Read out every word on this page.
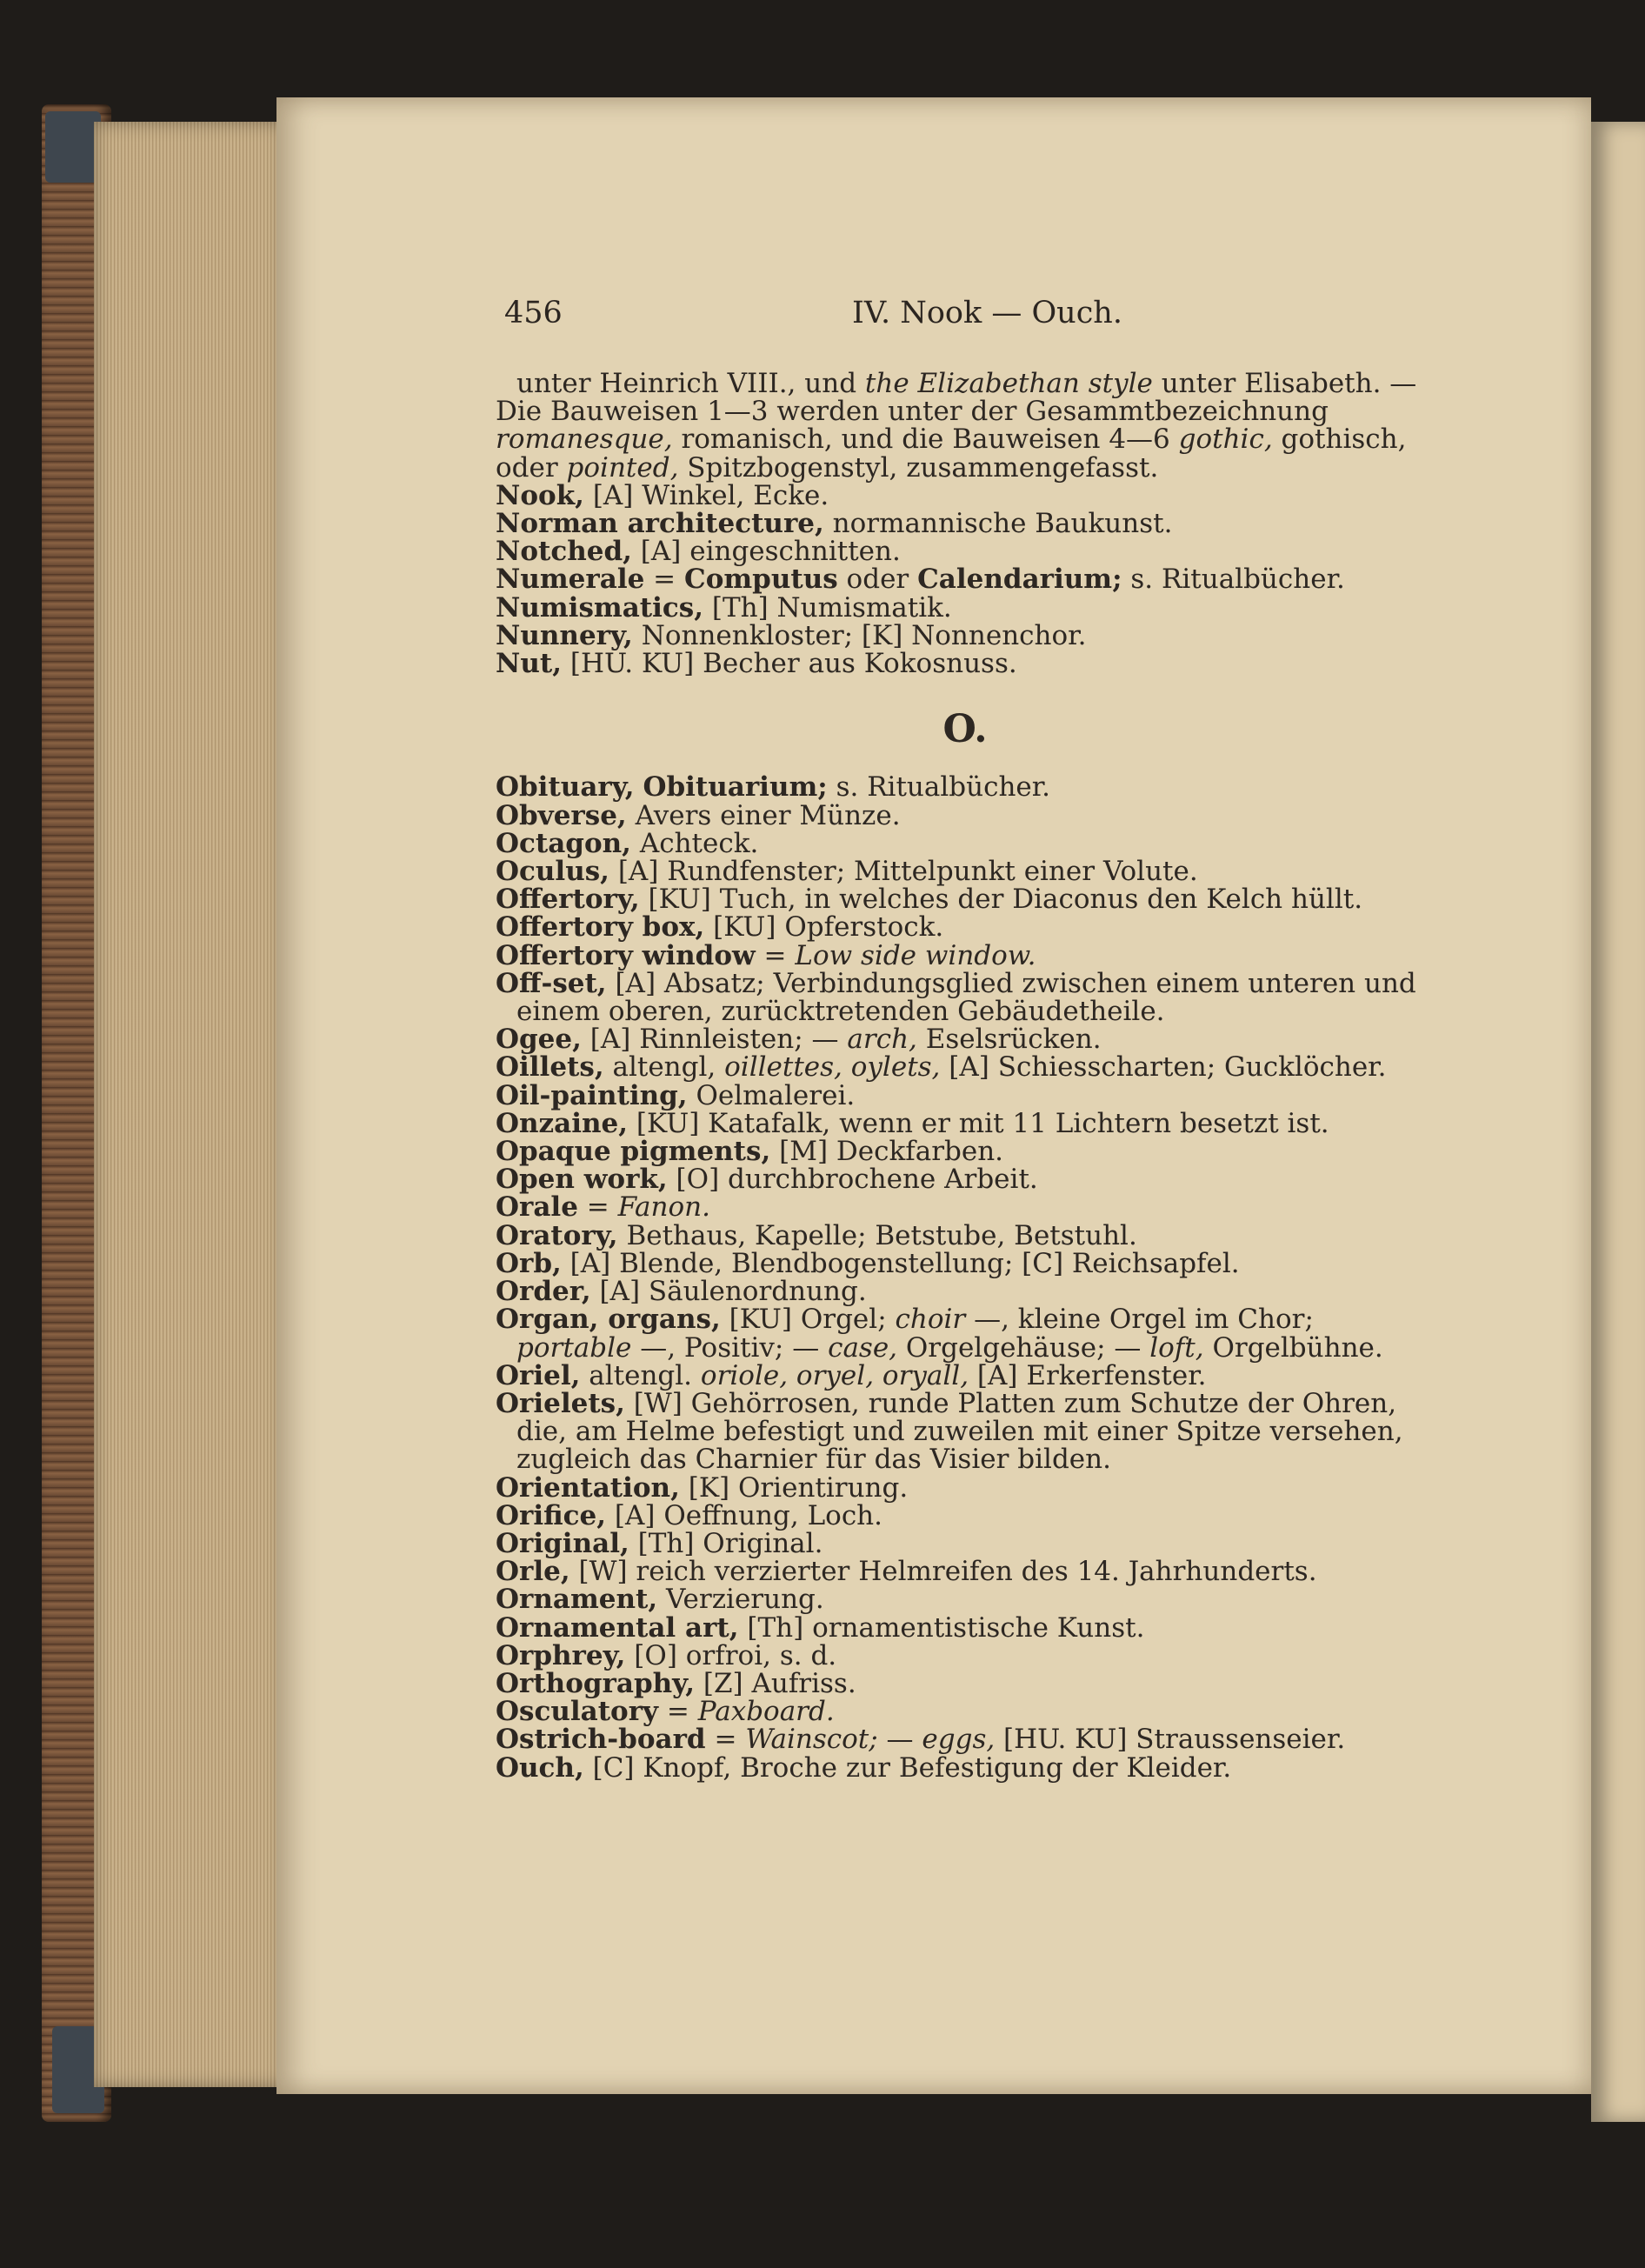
456	IV. Nook — Ouch.
unter Heinrich VIII., und the Elizabethan style unter Elisabeth. — Die Bauweisen 1—3 werden unter der Gesammtbezeichnung romanesque, romanisch, und die Bauweisen 4—6 gothic, gothisch, oder pointed, Spitzbogenstyl, zusammengefasst.
Nook, [A] Winkel, Ecke.
Norman architecture, normannische Baukunst.
Notched, [A] eingeschnitten.
Numerale = Computus oder Calendarium; s. Ritualbücher.
Numismatics, [Th] Numismatik.
Nunnery, Nonnenkloster; [K] Nonnenchor.
Nut, [HU. KU] Becher aus Kokosnuss.
O.
Obituary, Obituarium; s. Ritualbücher.
Obverse, Avers einer Münze.
Octagon, Achteck.
Oculus, [A] Rundfenster; Mittelpunkt einer Volute.
Offertory, [KU] Tuch, in welches der Diaconus den Kelch hüllt.
Offertory box, [KU] Opferstock.
Offertory window = Low side window.
Off-set, [A] Absatz; Verbindungsglied zwischen einem unteren und einem oberen, zurücktretenden Gebäudetheile.
Ogee, [A] Rinnleisten; — arch, Eselsrücken.
Oillets, altengl, oillettes, oylets, [A] Schiesscharten; Gucklöcher.
Oil-painting, Oelmalerei.
Onzaine, [KU] Katafalk, wenn er mit 11 Lichtern besetzt ist.
Opaque pigments, [M] Deckfarben.
Open work, [O] durchbrochene Arbeit.
Orale = Fanon.
Oratory, Bethaus, Kapelle; Betstube, Betstuhl.
Orb, [A] Blende, Blendbogenstellung; [C] Reichsapfel.
Order, [A] Säulenordnung.
Organ, organs, [KU] Orgel; choir —, kleine Orgel im Chor; portable —, Positiv; — case, Orgelgehäuse; — loft, Orgelbühne.
Oriel, altengl. oriole, oryel, oryall, [A] Erkerfenster.
Orielets, [W] Gehörrosen, runde Platten zum Schutze der Ohren, die, am Helme befestigt und zuweilen mit einer Spitze versehen, zugleich das Charnier für das Visier bilden.
Orientation, [K] Orientirung.
Orifice, [A] Oeffnung, Loch.
Original, [Th] Original.
Orle, [W] reich verzierter Helmreifen des 14. Jahrhunderts.
Ornament, Verzierung.
Ornamental art, [Th] ornamentistische Kunst.
Orphrey, [O] orfroi, s. d.
Orthography, [Z] Aufriss.
Osculatory = Paxboard.
Ostrich-board = Wainscot; — eggs, [HU. KU] Straussenseier.
Ouch, [C] Knopf, Broche zur Befestigung der Kleider.
